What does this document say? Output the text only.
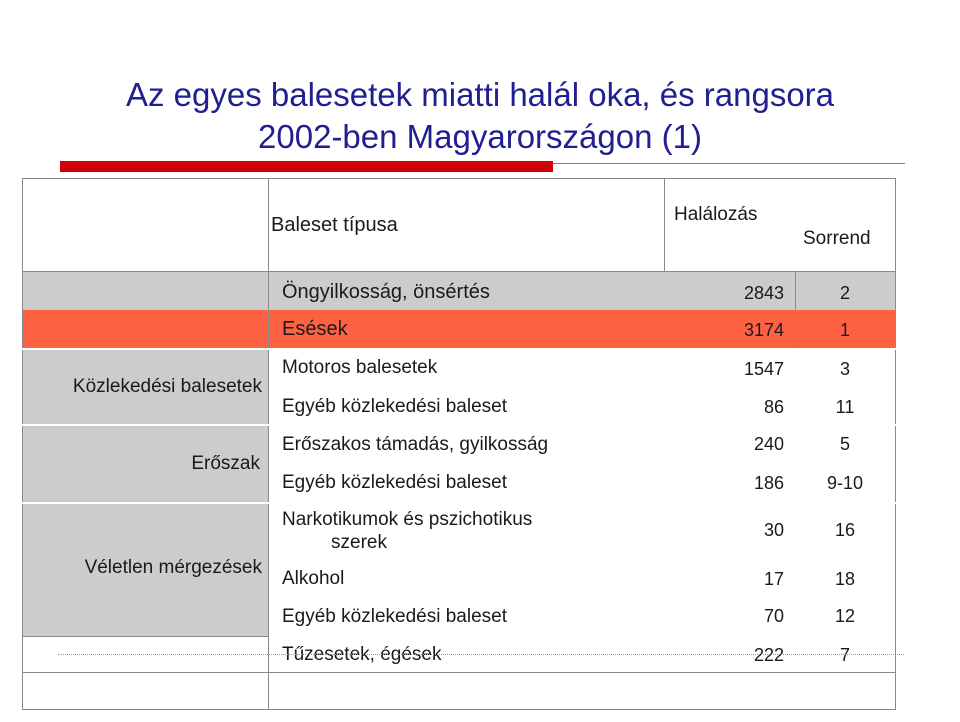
Az egyes balesetek miatti halál oka, és rangsora
2002-ben Magyarországon (1)
Baleset típusa	Halálozás
Sorrend
Közlekedési balesetek
Erőszak
Véletlen mérgezések
Öngyilkosság, önsértés
Esések
Motoros balesetek
Egyéb közlekedési baleset
Erőszakos támadás, gyilkosság
Egyéb közlekedési baleset
Narkotikumok és pszichotikus
szerek
Alkohol
Egyéb közlekedési baleset
Tűzesetek, égések
2843
3174
1547
86
240
186
30
17
70
222
2
1
3
11
5
9-10
16
18
12
7
